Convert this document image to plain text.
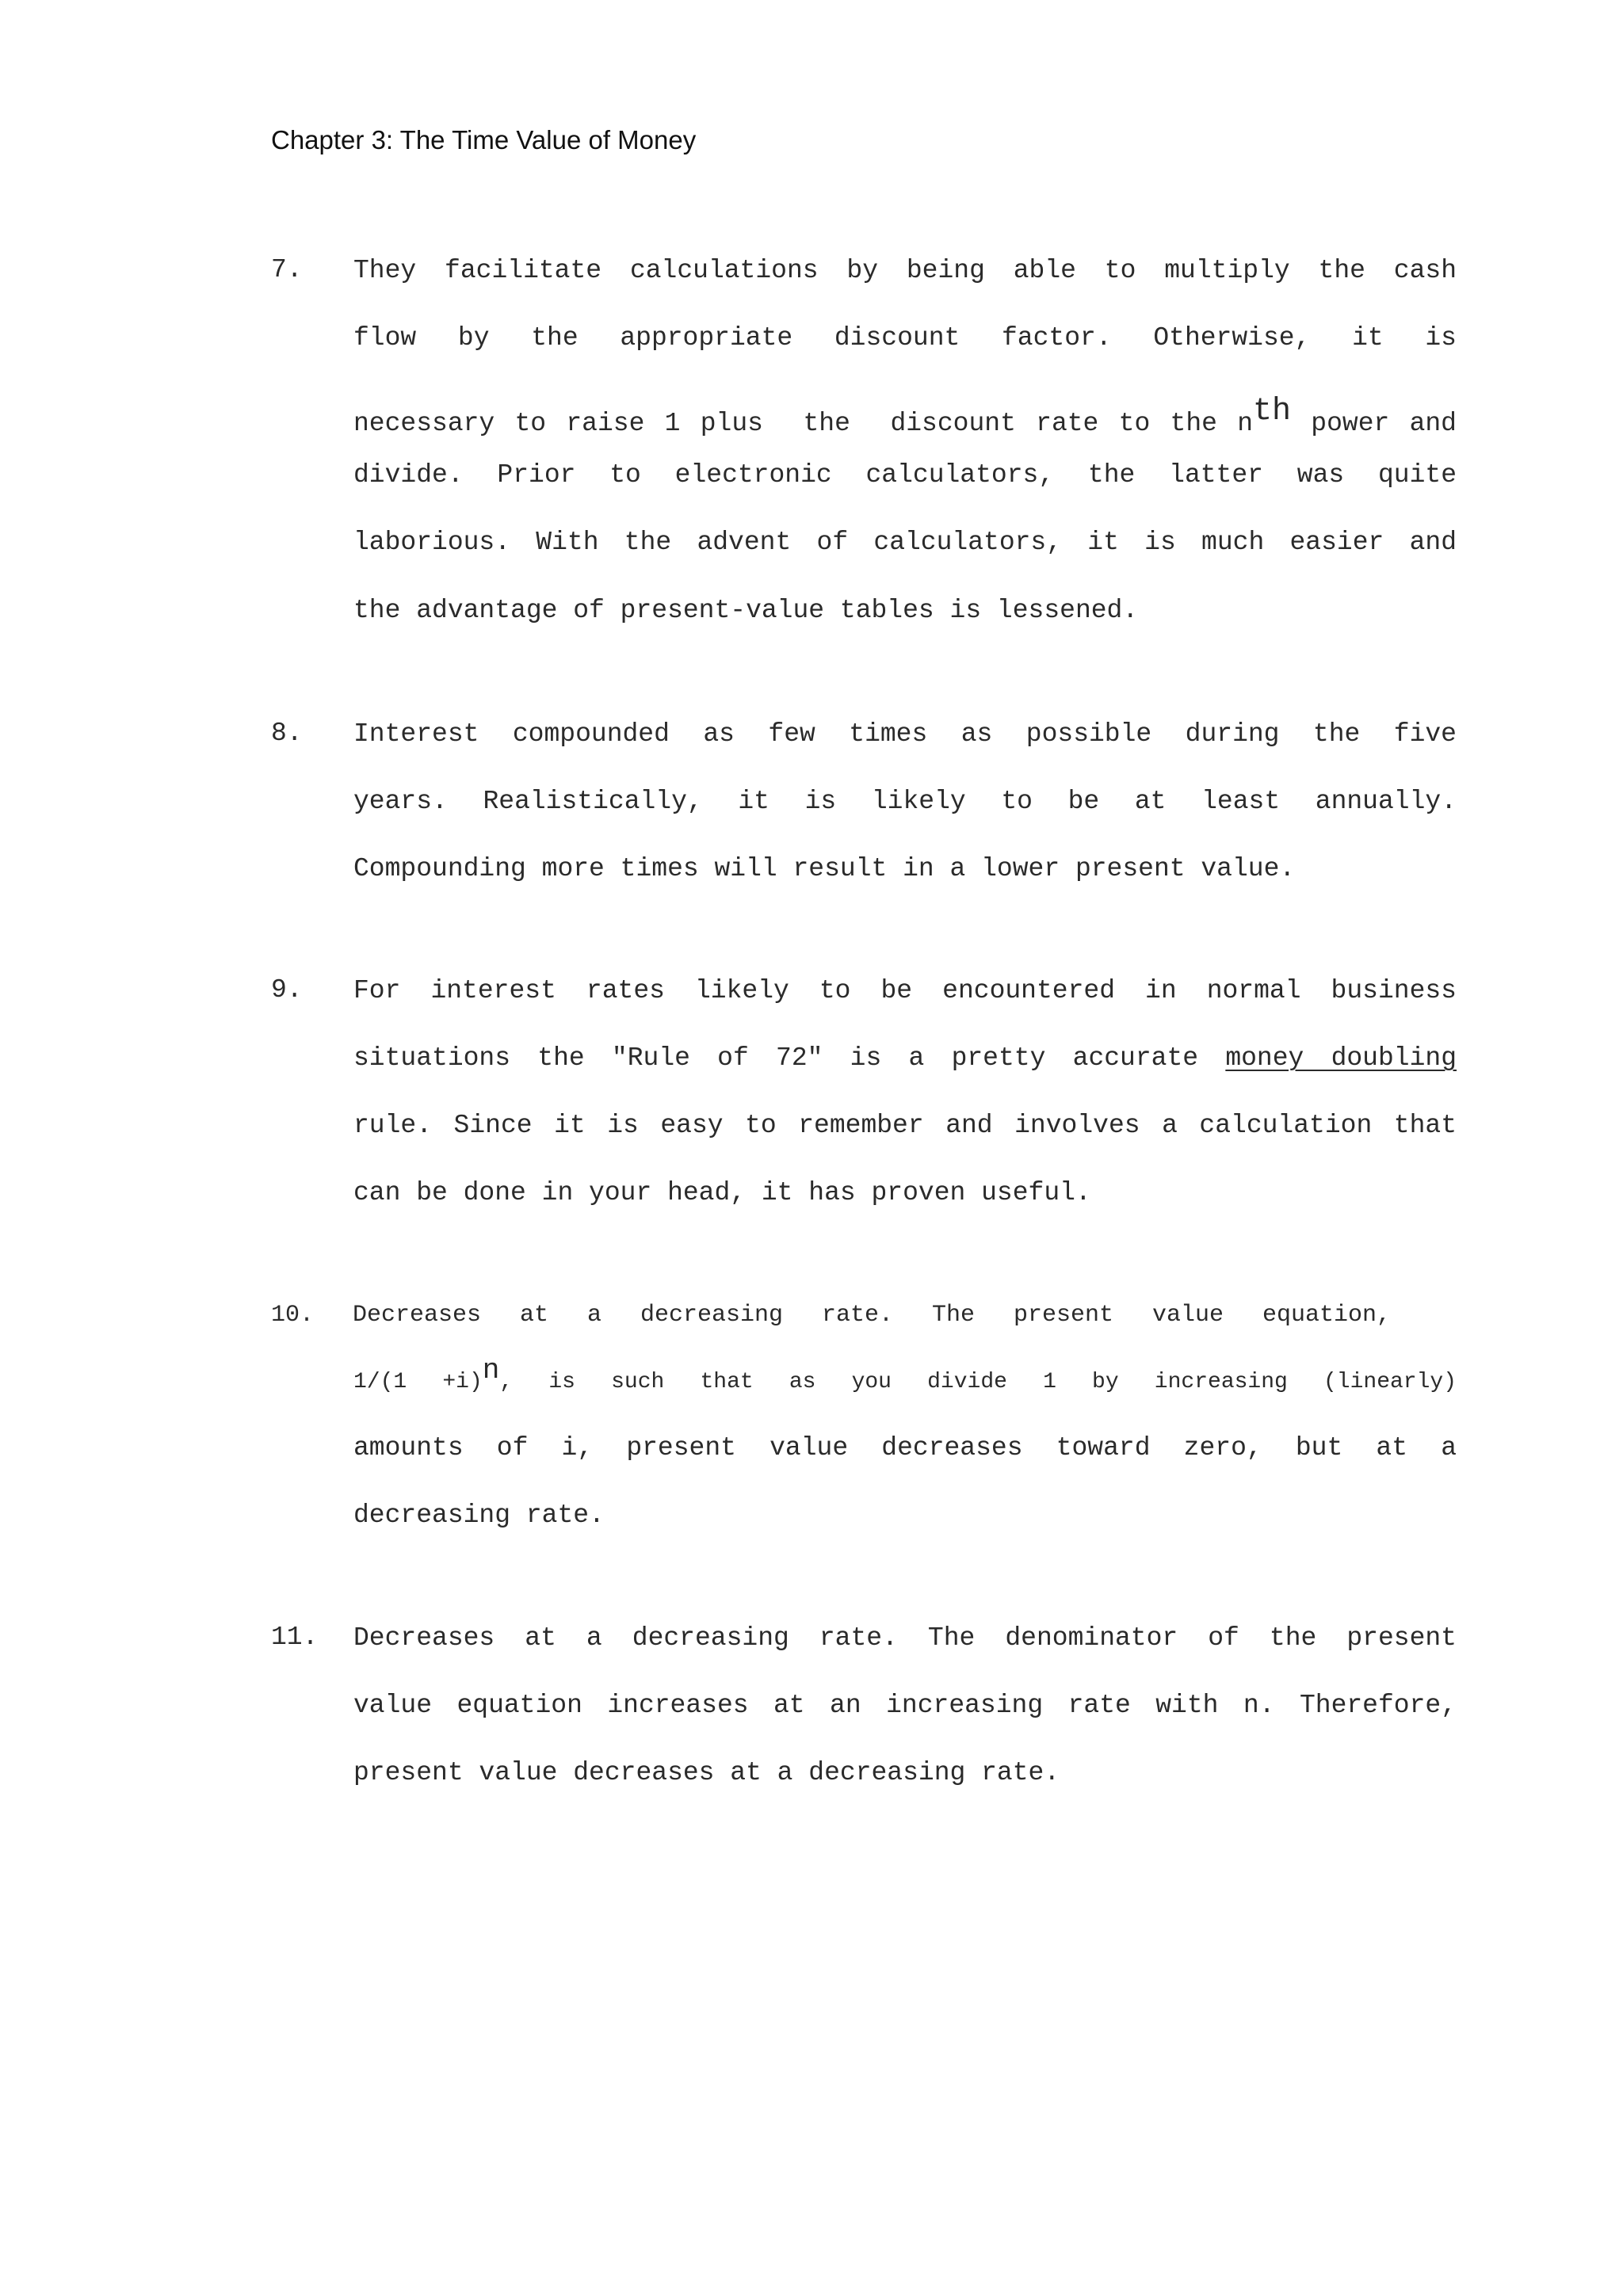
Chapter 3: The Time Value of Money
7. They facilitate calculations by being able to multiply the cash
flow by the appropriate discount factor. Otherwise, it is
necessary to raise 1 plus  the  discount rate to the nth power and
divide. Prior to electronic calculators, the latter was quite
laborious. With the advent of calculators, it is much easier and
the advantage of present-value tables is lessened.
8. Interest compounded as few times as possible during the five
years. Realistically, it is likely to be at least annually.
Compounding more times will result in a lower present value.
9. For interest rates likely to be encountered in normal business
situations the "Rule of 72" is a pretty accurate money doubling
rule. Since it is easy to remember and involves a calculation that
can be done in your head, it has proven useful.
10. Decreases at a decreasing rate. The present value equation,
1/(1 +i)n, is such that as you divide 1 by increasing (linearly)
amounts of i, present value decreases toward zero, but at a
decreasing rate.
11. Decreases at a decreasing rate. The denominator of the present
value equation increases at an increasing rate with n. Therefore,
present value decreases at a decreasing rate.
